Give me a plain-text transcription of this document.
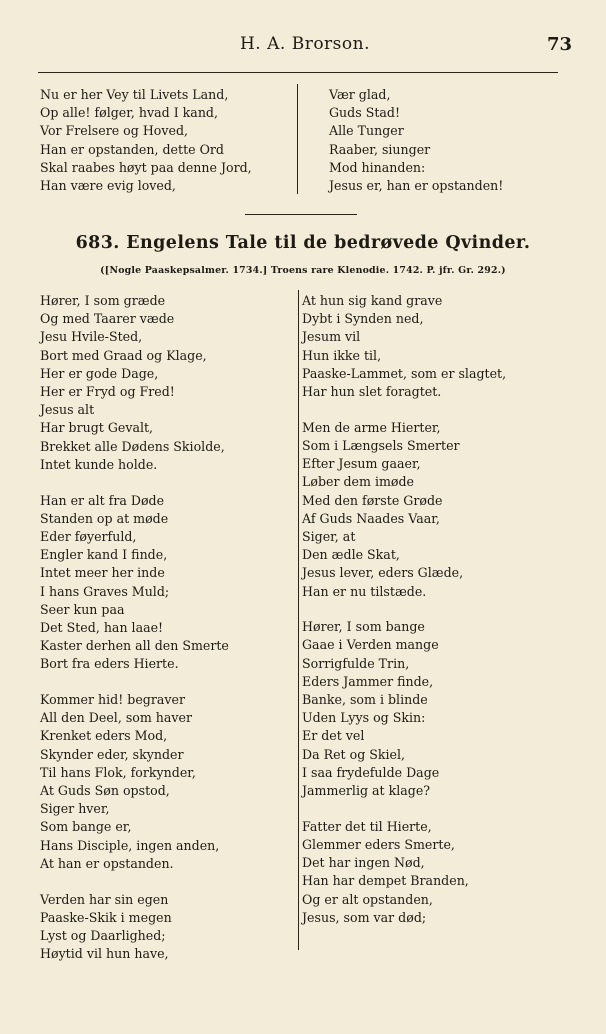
H. A. Brorson.	73
Nu er her Vey til Livets Land,
Op alle! følger, hvad I kand,
Vor Frelsere og Hoved,
Han er opstanden, dette Ord
Skal raabes høyt paa denne Jord,
Han være evig loved,
Vær glad,
Guds Stad!
Alle Tunger
Raaber, siunger
Mod hinanden:
Jesus er, han er opstanden!
683. Engelens Tale til de bedrøvede Qvinder.
([Nogle Paaskepsalmer. 1734.] Troens rare Klenodie. 1742. P. jfr. Gr. 292.)
Hører, I som græde
Og med Taarer væde
Jesu Hvile-Sted,
Bort med Graad og Klage,
Her er gode Dage,
Her er Fryd og Fred!
Jesus alt
Har brugt Gevalt,
Brekket alle Dødens Skiolde,
Intet kunde holde.
Han er alt fra Døde
Standen op at møde
Eder føyerfuld,
Engler kand I finde,
Intet meer her inde
I hans Graves Muld;
Seer kun paa
Det Sted, han laae!
Kaster derhen all den Smerte
Bort fra eders Hierte.
Kommer hid! begraver
All den Deel, som haver
Krenket eders Mod,
Skynder eder, skynder
Til hans Flok, forkynder,
At Guds Søn opstod,
Siger hver,
Som bange er,
Hans Disciple, ingen anden,
At han er opstanden.
Verden har sin egen
Paaske-Skik i megen
Lyst og Daarlighed;
Høytid vil hun have,
At hun sig kand grave
Dybt i Synden ned,
Jesum vil
Hun ikke til,
Paaske-Lammet, som er slagtet,
Har hun slet foragtet.
Men de arme Hierter,
Som i Længsels Smerter
Efter Jesum gaaer,
Løber dem imøde
Med den første Grøde
Af Guds Naades Vaar,
Siger, at
Den ædle Skat,
Jesus lever, eders Glæde,
Han er nu tilstæde.
Hører, I som bange
Gaae i Verden mange
Sorrigfulde Trin,
Eders Jammer finde,
Banke, som i blinde
Uden Lyys og Skin:
Er det vel
Da Ret og Skiel,
I saa frydefulde Dage
Jammerlig at klage?
Fatter det til Hierte,
Glemmer eders Smerte,
Det har ingen Nød,
Han har dempet Branden,
Og er alt opstanden,
Jesus, som var død;
